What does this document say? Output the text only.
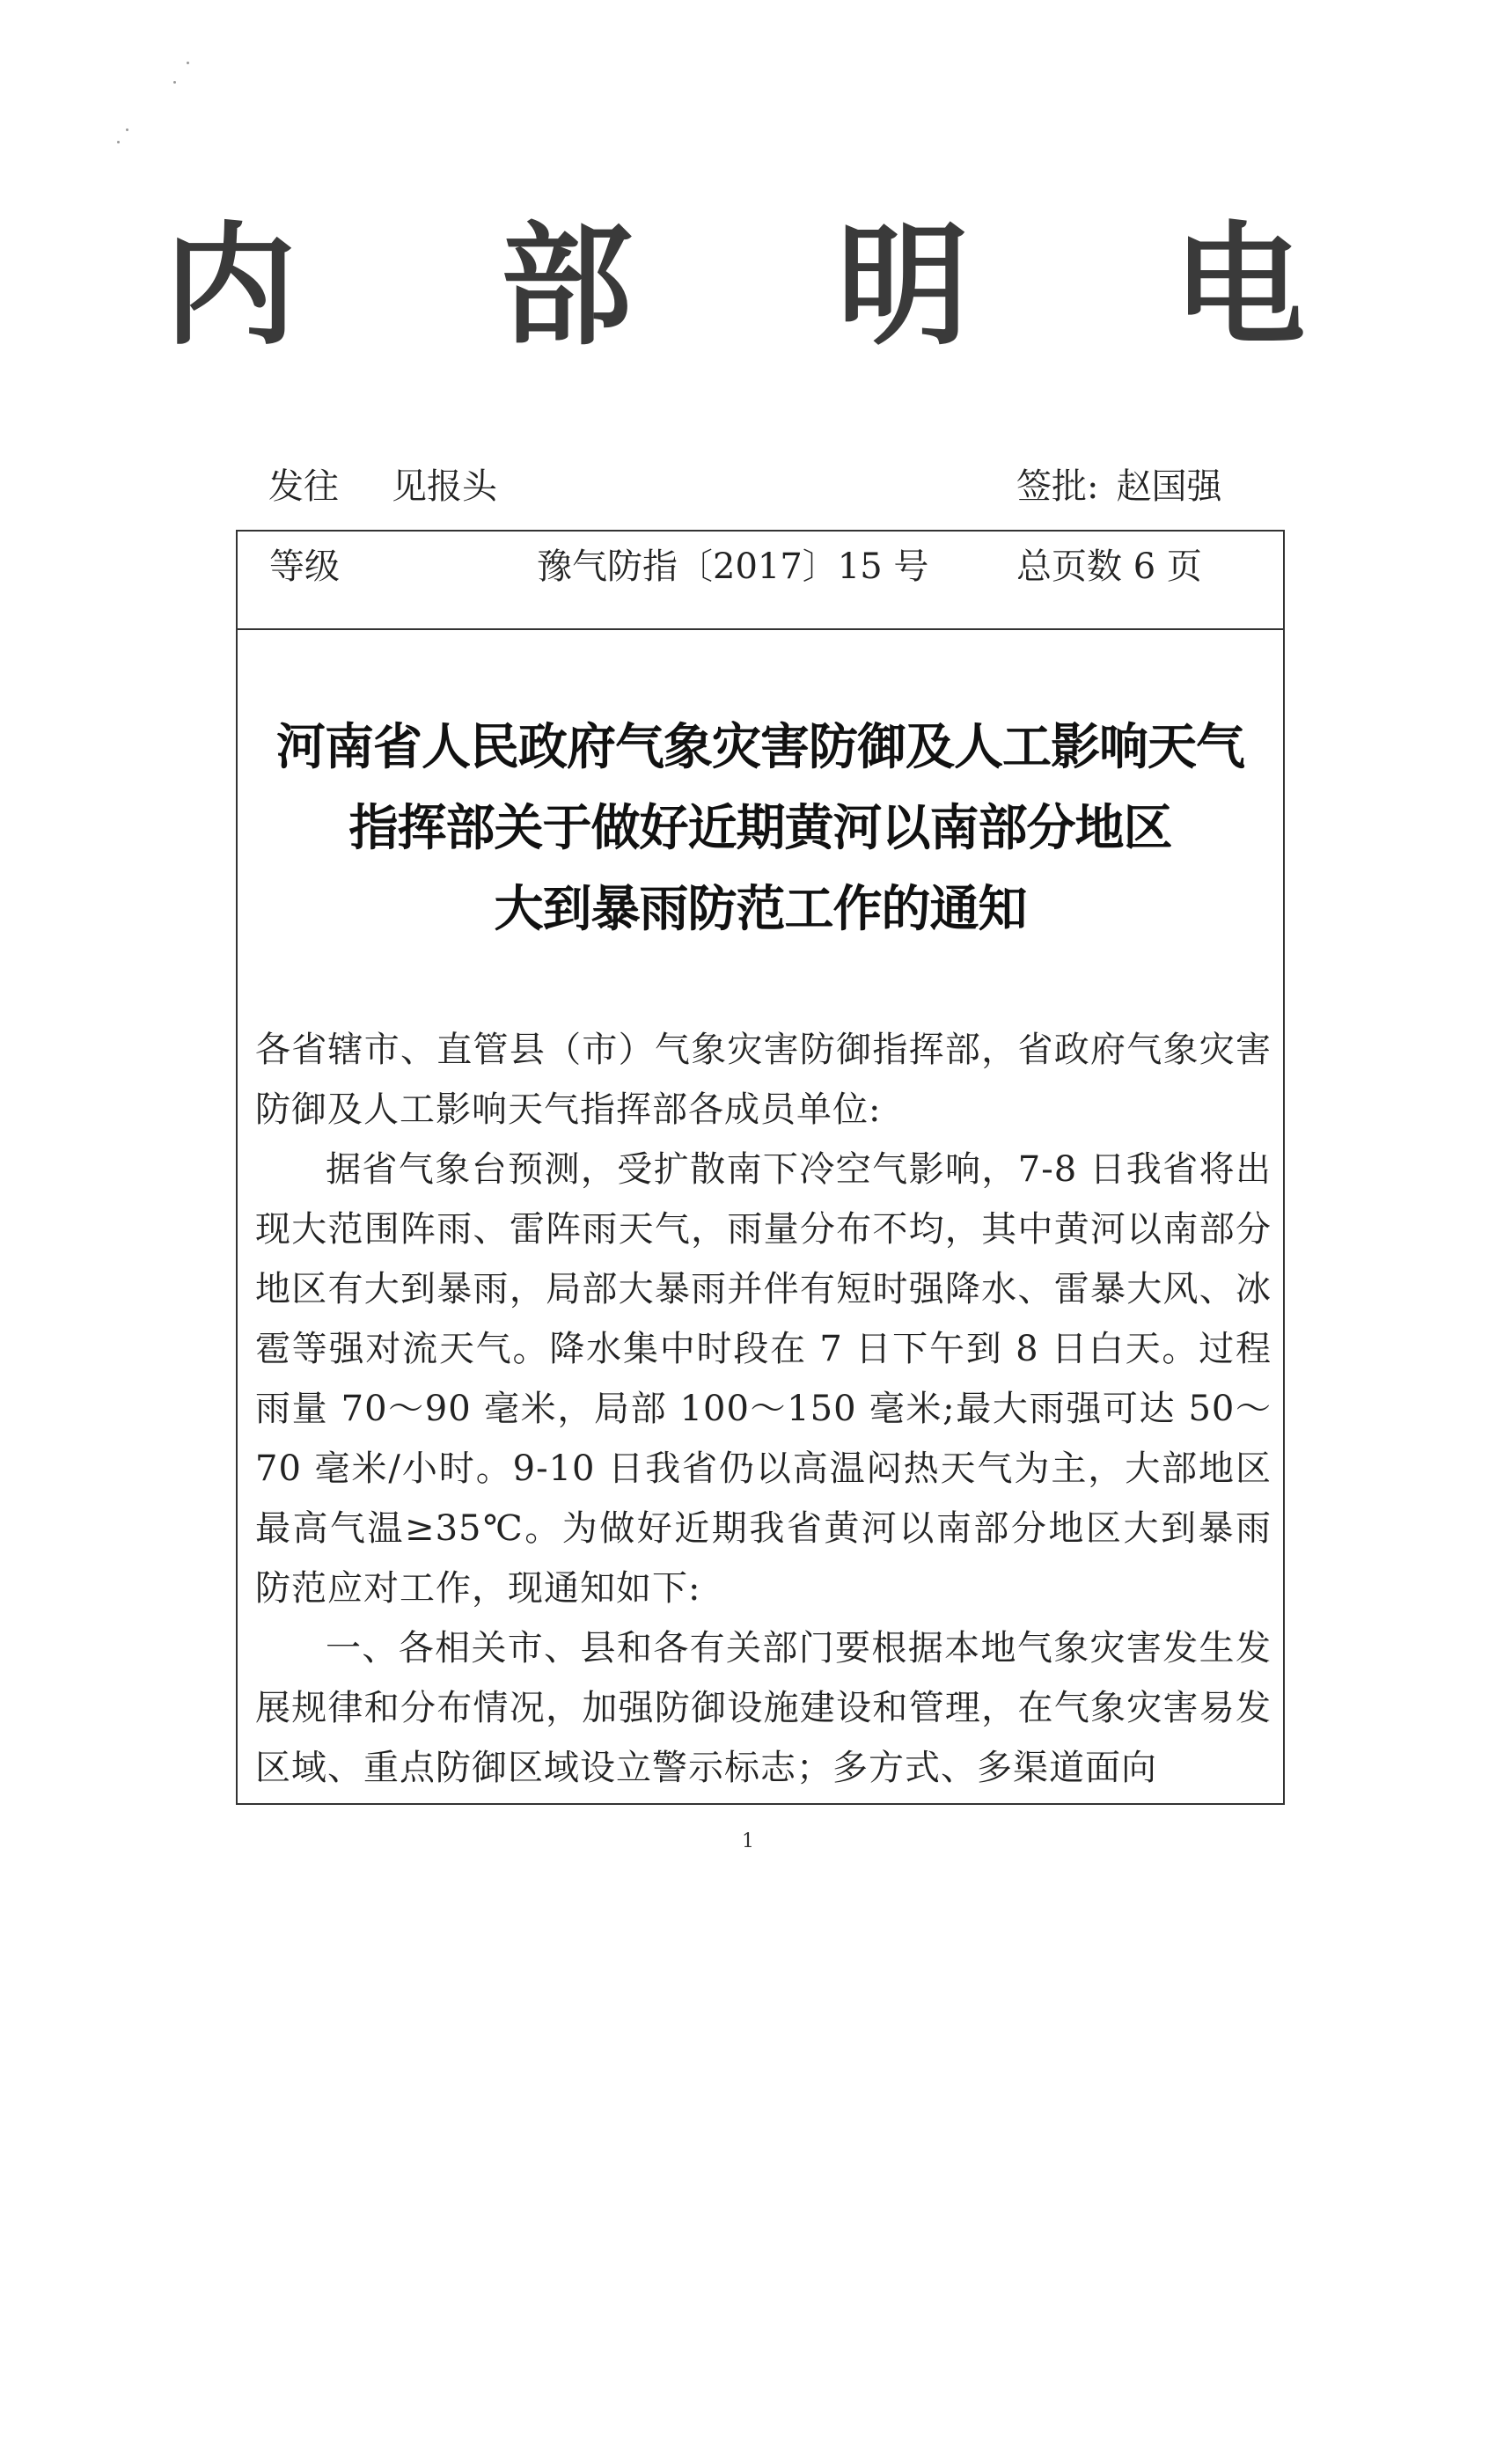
内 部 明 电
发往 见报头	签批: 赵国强
等级	豫气防指〔2017〕15 号 总页数 6 页
河南省人民政府气象灾害防御及人工影响天气
指挥部关于做好近期黄河以南部分地区
大到暴雨防范工作的通知

各省辖市、直管县（市）气象灾害防御指挥部，省政府气象灾害防御及人工影响天气指挥部各成员单位:

据省气象台预测，受扩散南下冷空气影响，7-8 日我省将出现大范围阵雨、雷阵雨天气，雨量分布不均，其中黄河以南部分地区有大到暴雨，局部大暴雨并伴有短时强降水、雷暴大风、冰雹等强对流天气。降水集中时段在 7 日下午到 8 日白天。过程雨量 70～90 毫米，局部 100～150 毫米;最大雨强可达 50～70 毫米/小时。9-10 日我省仍以高温闷热天气为主，大部地区最高气温≥35℃。为做好近期我省黄河以南部分地区大到暴雨防范应对工作，现通知如下:

一、各相关市、县和各有关部门要根据本地气象灾害发生发展规律和分布情况，加强防御设施建设和管理，在气象灾害易发区域、重点防御区域设立警示标志；多方式、多渠道面向

1
